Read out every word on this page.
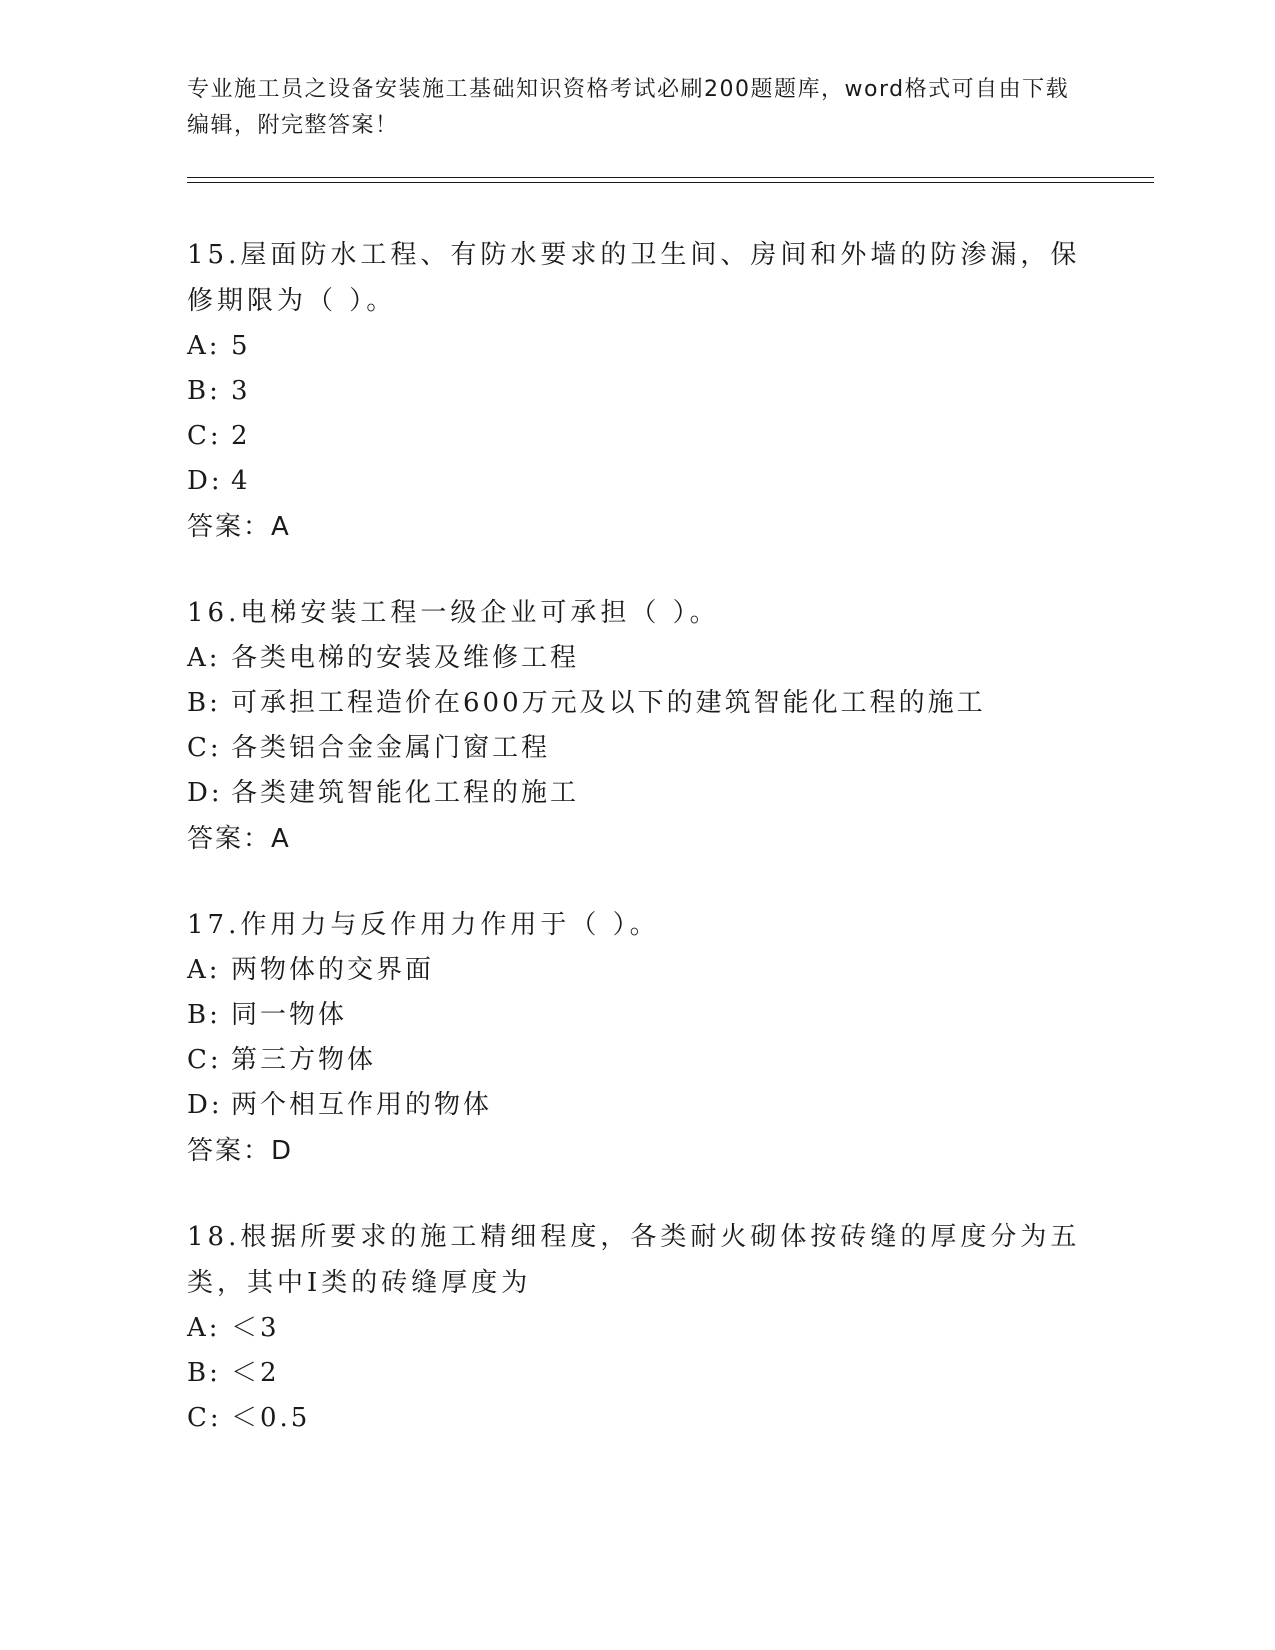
专业施工员之设备安装施工基础知识资格考试必刷200题题库，word格式可自由下载编辑，附完整答案！
15.屋面防水工程、有防水要求的卫生间、房间和外墙的防渗漏，保修期限为（ ）。
A: 5
B: 3
C: 2
D: 4
答案：A
16.电梯安装工程一级企业可承担（ ）。
A: 各类电梯的安装及维修工程
B: 可承担工程造价在600万元及以下的建筑智能化工程的施工
C: 各类铝合金金属门窗工程
D: 各类建筑智能化工程的施工
答案：A
17.作用力与反作用力作用于（ ）。
A: 两物体的交界面
B: 同一物体
C: 第三方物体
D: 两个相互作用的物体
答案：D
18.根据所要求的施工精细程度，各类耐火砌体按砖缝的厚度分为五类，其中Ⅰ类的砖缝厚度为
A: ＜3
B: ＜2
C: ＜0.5
